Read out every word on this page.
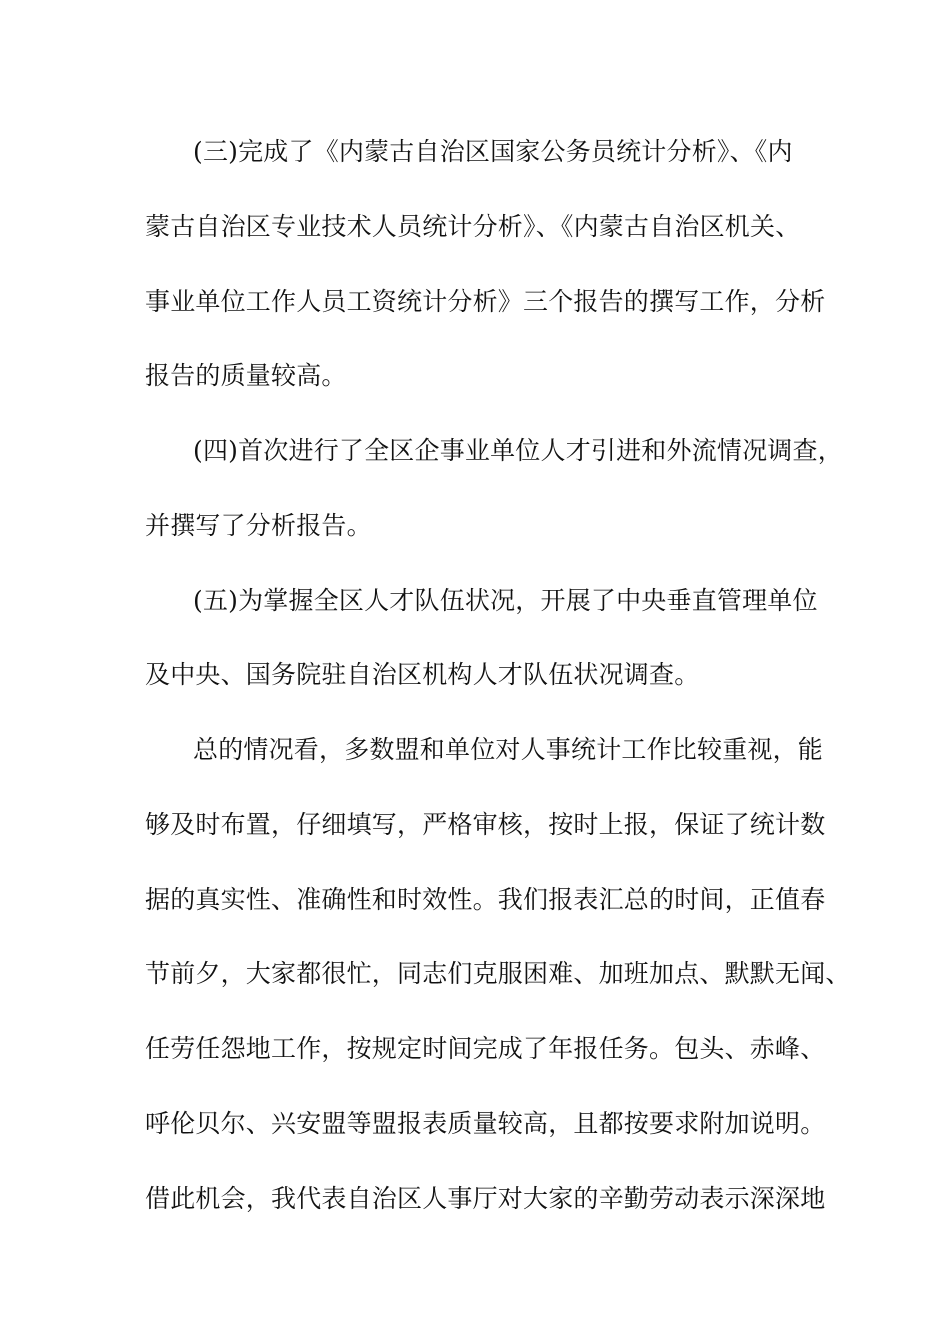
(三)完成了《内蒙古自治区国家公务员统计分析》、《内

蒙古自治区专业技术人员统计分析》、《内蒙古自治区机关、

事业单位工作人员工资统计分析》三个报告的撰写工作，分析

报告的质量较高。

(四)首次进行了全区企事业单位人才引进和外流情况调查，

并撰写了分析报告。

(五)为掌握全区人才队伍状况，开展了中央垂直管理单位

及中央、国务院驻自治区机构人才队伍状况调查。

总的情况看，多数盟和单位对人事统计工作比较重视，能

够及时布置，仔细填写，严格审核，按时上报，保证了统计数

据的真实性、准确性和时效性。我们报表汇总的时间，正值春

节前夕，大家都很忙，同志们克服困难、加班加点、默默无闻、

任劳任怨地工作，按规定时间完成了年报任务。包头、赤峰、

呼伦贝尔、兴安盟等盟报表质量较高，且都按要求附加说明。

借此机会，我代表自治区人事厅对大家的辛勤劳动表示深深地
